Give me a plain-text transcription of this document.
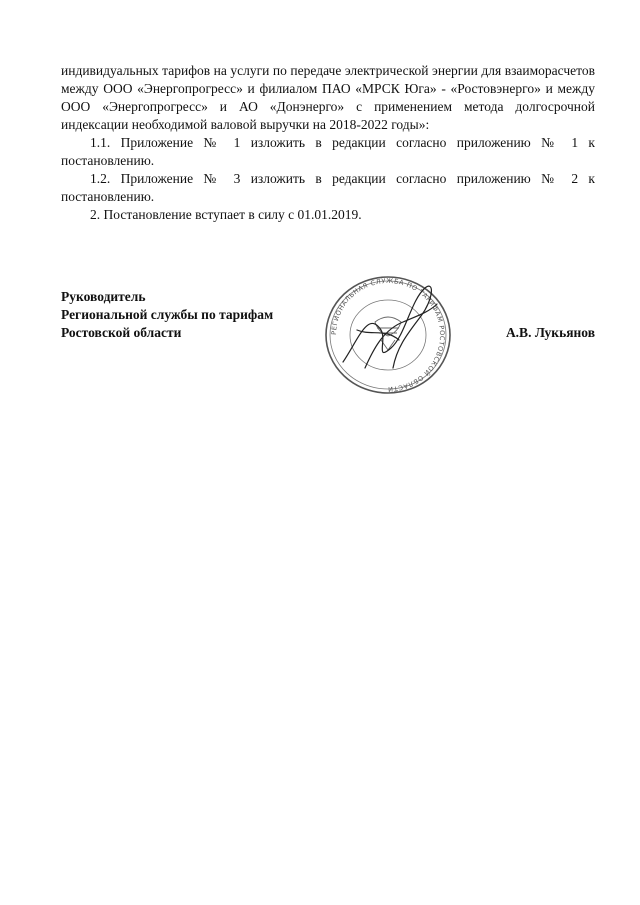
индивидуальных тарифов на услуги по передаче электрической энергии для взаиморасчетов между ООО «Энергопрогресс» и филиалом ПАО «МРСК Юга» - «Ростовэнерго» и между ООО «Энергопрогресс» и АО «Донэнерго» с применением метода долгосрочной индексации необходимой валовой выручки на 2018-2022 годы»:

1.1. Приложение № 1 изложить в редакции согласно приложению № 1 к постановлению.

1.2. Приложение № 3 изложить в редакции согласно приложению № 2 к постановлению.

2. Постановление вступает в силу с 01.01.2019.

Руководитель
Региональной службы по тарифам
Ростовской области	РЕГИОНАЛЬНАЯ СЛУЖБА ПО ТАРИФАМ РОСТОВСКОЙ ОБЛАСТИ
А.В. Лукьянов
